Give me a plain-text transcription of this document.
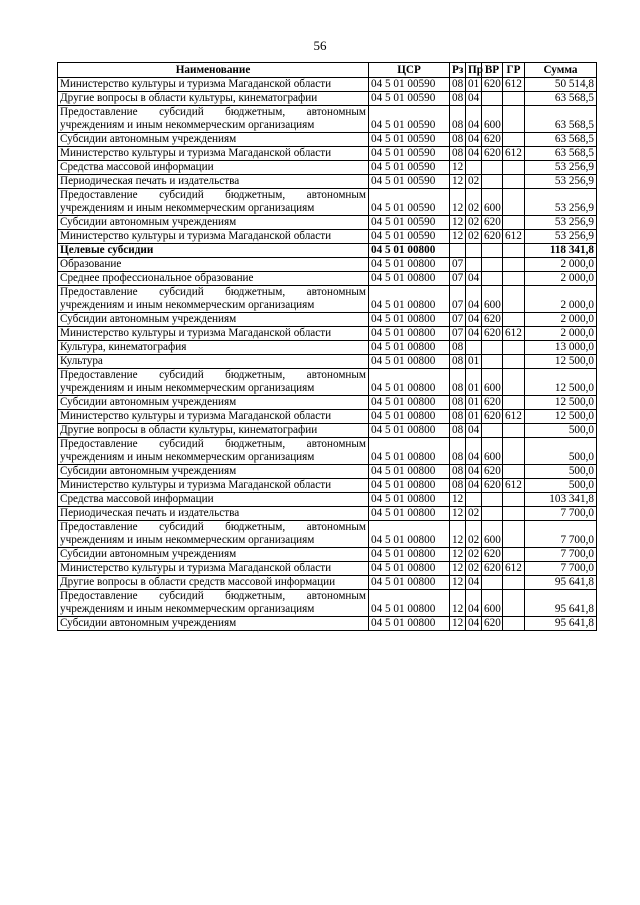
56
Наименование	ЦСР	Рз	Пр	ВР	ГР	Сумма
Министерство культуры и туризма Магаданской области	04 5 01 00590	08	01	620	612	50 514,8
Другие вопросы в области культуры, кинематографии	04 5 01 00590	08	04			63 568,5
Предоставление субсидий бюджетным, автономным учреждениям и иным некоммерческим организациям	04 5 01 00590	08	04	600		63 568,5
Субсидии автономным учреждениям	04 5 01 00590	08	04	620		63 568,5
Министерство культуры и туризма Магаданской области	04 5 01 00590	08	04	620	612	63 568,5
Средства массовой информации	04 5 01 00590	12				53 256,9
Периодическая печать и издательства	04 5 01 00590	12	02			53 256,9
Предоставление субсидий бюджетным, автономным учреждениям и иным некоммерческим организациям	04 5 01 00590	12	02	600		53 256,9
Субсидии автономным учреждениям	04 5 01 00590	12	02	620		53 256,9
Министерство культуры и туризма Магаданской области	04 5 01 00590	12	02	620	612	53 256,9
Целевые субсидии	04 5 01 00800					118 341,8
Образование	04 5 01 00800	07				2 000,0
Среднее профессиональное образование	04 5 01 00800	07	04			2 000,0
Предоставление субсидий бюджетным, автономным учреждениям и иным некоммерческим организациям	04 5 01 00800	07	04	600		2 000,0
Субсидии автономным учреждениям	04 5 01 00800	07	04	620		2 000,0
Министерство культуры и туризма Магаданской области	04 5 01 00800	07	04	620	612	2 000,0
Культура, кинематография	04 5 01 00800	08				13 000,0
Культура	04 5 01 00800	08	01			12 500,0
Предоставление субсидий бюджетным, автономным учреждениям и иным некоммерческим организациям	04 5 01 00800	08	01	600		12 500,0
Субсидии автономным учреждениям	04 5 01 00800	08	01	620		12 500,0
Министерство культуры и туризма Магаданской области	04 5 01 00800	08	01	620	612	12 500,0
Другие вопросы в области культуры, кинематографии	04 5 01 00800	08	04			500,0
Предоставление субсидий бюджетным, автономным учреждениям и иным некоммерческим организациям	04 5 01 00800	08	04	600		500,0
Субсидии автономным учреждениям	04 5 01 00800	08	04	620		500,0
Министерство культуры и туризма Магаданской области	04 5 01 00800	08	04	620	612	500,0
Средства массовой информации	04 5 01 00800	12				103 341,8
Периодическая печать и издательства	04 5 01 00800	12	02			7 700,0
Предоставление субсидий бюджетным, автономным учреждениям и иным некоммерческим организациям	04 5 01 00800	12	02	600		7 700,0
Субсидии автономным учреждениям	04 5 01 00800	12	02	620		7 700,0
Министерство культуры и туризма Магаданской области	04 5 01 00800	12	02	620	612	7 700,0
Другие вопросы в области средств массовой информации	04 5 01 00800	12	04			95 641,8
Предоставление субсидий бюджетным, автономным учреждениям и иным некоммерческим организациям	04 5 01 00800	12	04	600		95 641,8
Субсидии автономным учреждениям	04 5 01 00800	12	04	620		95 641,8
